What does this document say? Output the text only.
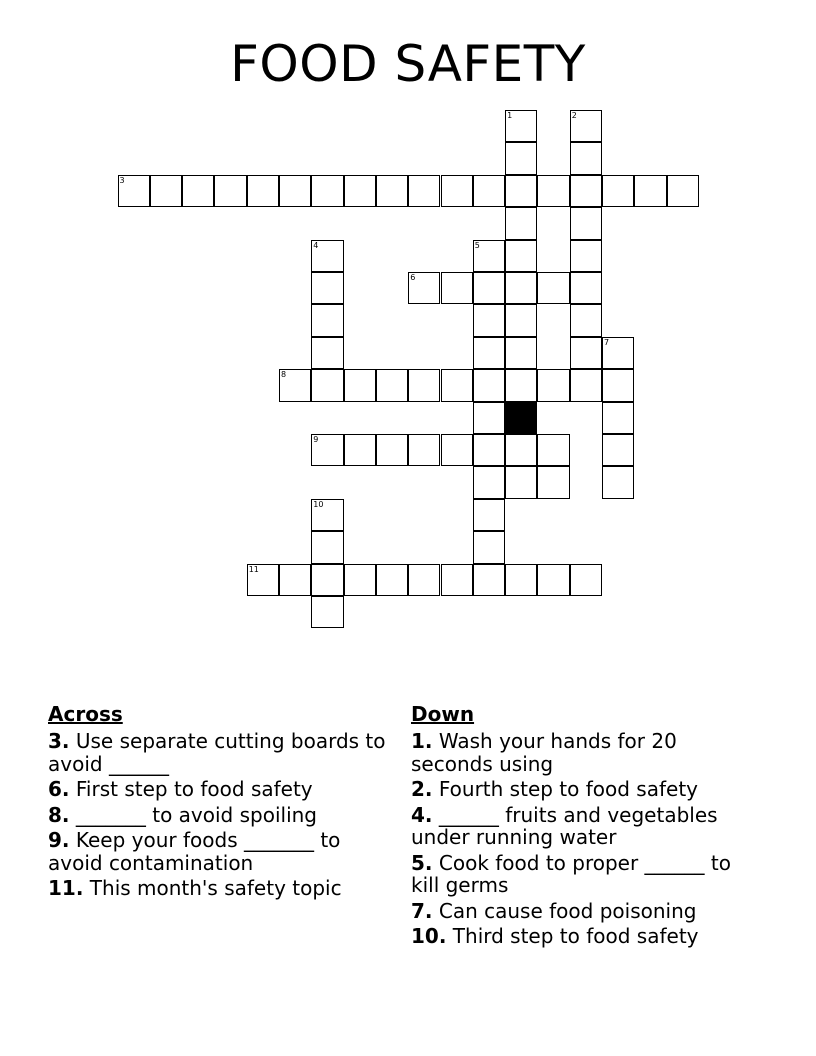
FOOD SAFETY
1	2
3
4	5
6
8
9
10
11
7
Across
3. Use separate cutting boards to avoid ______
6. First step to food safety
8. _______ to avoid spoiling
9. Keep your foods _______ to avoid contamination
11. This month's safety topic
Down
1. Wash your hands for 20 seconds using
2. Fourth step to food safety
4. ______ fruits and vegetables under running water
5. Cook food to proper ______ to kill germs
7. Can cause food poisoning
10. Third step to food safety
